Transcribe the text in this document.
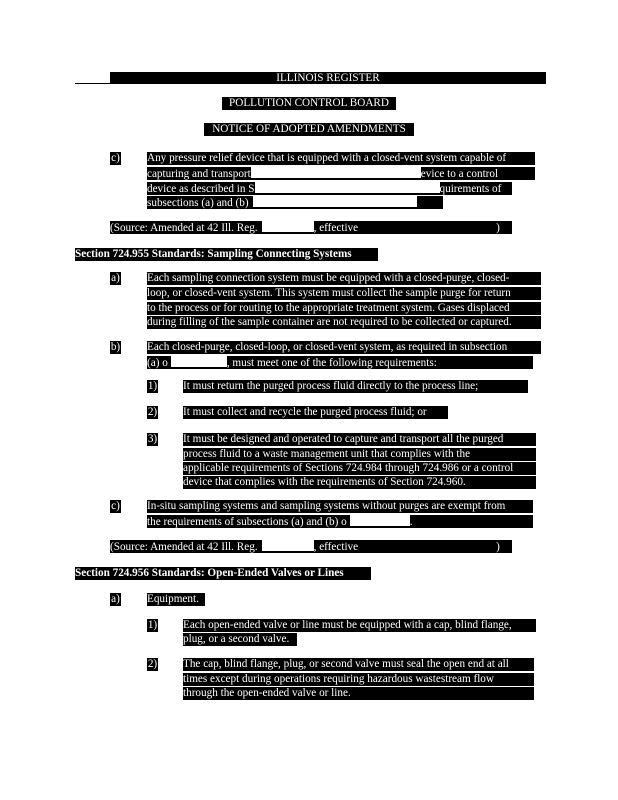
ILLINOIS REGISTER
POLLUTION CONTROL BOARD
NOTICE OF ADOPTED AMENDMENTS
c) Any pressure relief device that is equipped with a closed-vent system capable of
capturing and transport	evice to a control
device as described in S	quirements of
subsections (a) and (b)
(Source: Amended at 42 Ill. Reg.	, effective	)
Section 724.955 Standards: Sampling Connecting Systems
a) Each sampling connection system must be equipped with a closed-purge, closed-
loop, or closed-vent system. This system must collect the sample purge for return
to the process or for routing to the appropriate treatment system. Gases displaced
during filling of the sample container are not required to be collected or captured.
b) Each closed-purge, closed-loop, or closed-vent system, as required in subsection
(a) o	, must meet one of the following requirements:
1) It must return the purged process fluid directly to the process line;
2) It must collect and recycle the purged process fluid; or
3) It must be designed and operated to capture and transport all the purged
process fluid to a waste management unit that complies with the
applicable requirements of Sections 724.984 through 724.986 or a control
device that complies with the requirements of Section 724.960.
c) In-situ sampling systems and sampling systems without purges are exempt from
the requirements of subsections (a) and (b) o	.
(Source: Amended at 42 Ill. Reg.	, effective	)
Section 724.956 Standards: Open-Ended Valves or Lines
a) Equipment.
1) Each open-ended valve or line must be equipped with a cap, blind flange,
plug, or a second valve.
2) The cap, blind flange, plug, or second valve must seal the open end at all
times except during operations requiring hazardous wastestream flow
through the open-ended valve or line.
